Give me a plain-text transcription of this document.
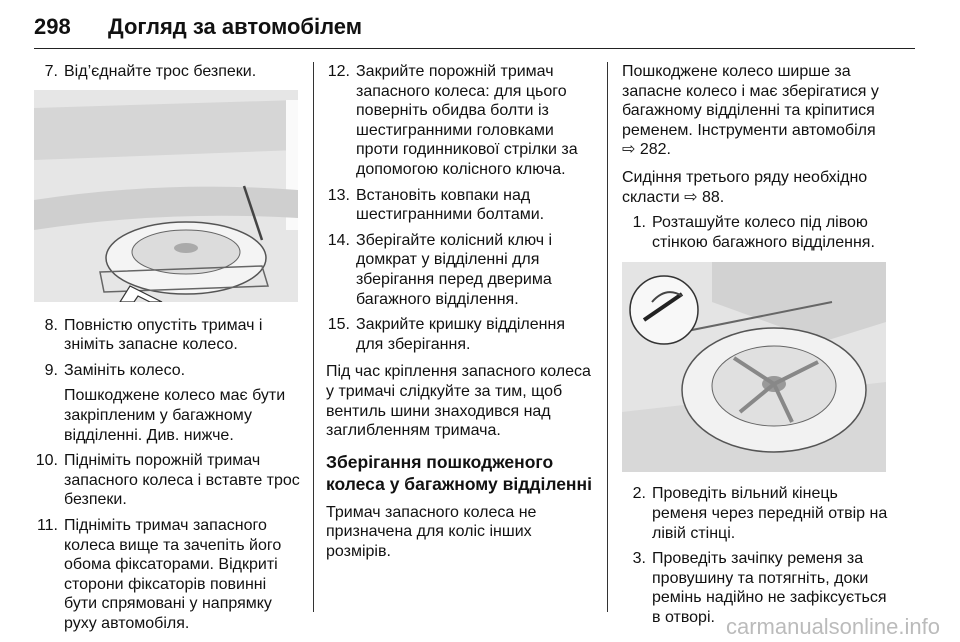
298 Догляд за автомобілем

7. Від’єднайте трос безпеки.

8. Повністю опустіть тримач і зніміть запасне колесо.

9. Замініть колесо.

Пошкоджене колесо має бути закріпленим у багажному відділенні. Див. нижче.

10. Підніміть порожній тримач запасного колеса і вставте трос безпеки.

11. Підніміть тримач запасного колеса вище та зачепіть його обома фіксаторами. Відкриті сторони фіксаторів повинні бути спрямовані у напрямку руху автомобіля.

12. Закрийте порожній тримач запасного колеса: для цього поверніть обидва болти із шестигранними головками проти годинникової стрілки за допомогою колісного ключа.

13. Встановіть ковпаки над шестигранними болтами.

14. Зберігайте колісний ключ і домкрат у відділенні для зберігання перед дверима багажного відділення.

15. Закрийте кришку відділення для зберігання.

Під час кріплення запасного колеса у тримачі слідкуйте за тим, щоб вентиль шини знаходився над заглибленням тримача.

Зберігання пошкодженого колеса у багажному відділенні

Тримач запасного колеса не призначена для коліс інших розмірів.

Пошкоджене колесо ширше за запасне колесо і має зберігатися у багажному відділенні та кріпитися ременем. Інструменти автомобіля ⇨ 282.

Сидіння третього ряду необхідно скласти ⇨ 88.

1. Розташуйте колесо під лівою стінкою багажного відділення.

2. Проведіть вільний кінець ременя через передній отвір на лівій стінці.

3. Проведіть зачіпку ременя за провушину та потягніть, доки ремінь надійно не зафіксується в отворі. carmanualsonline.info
